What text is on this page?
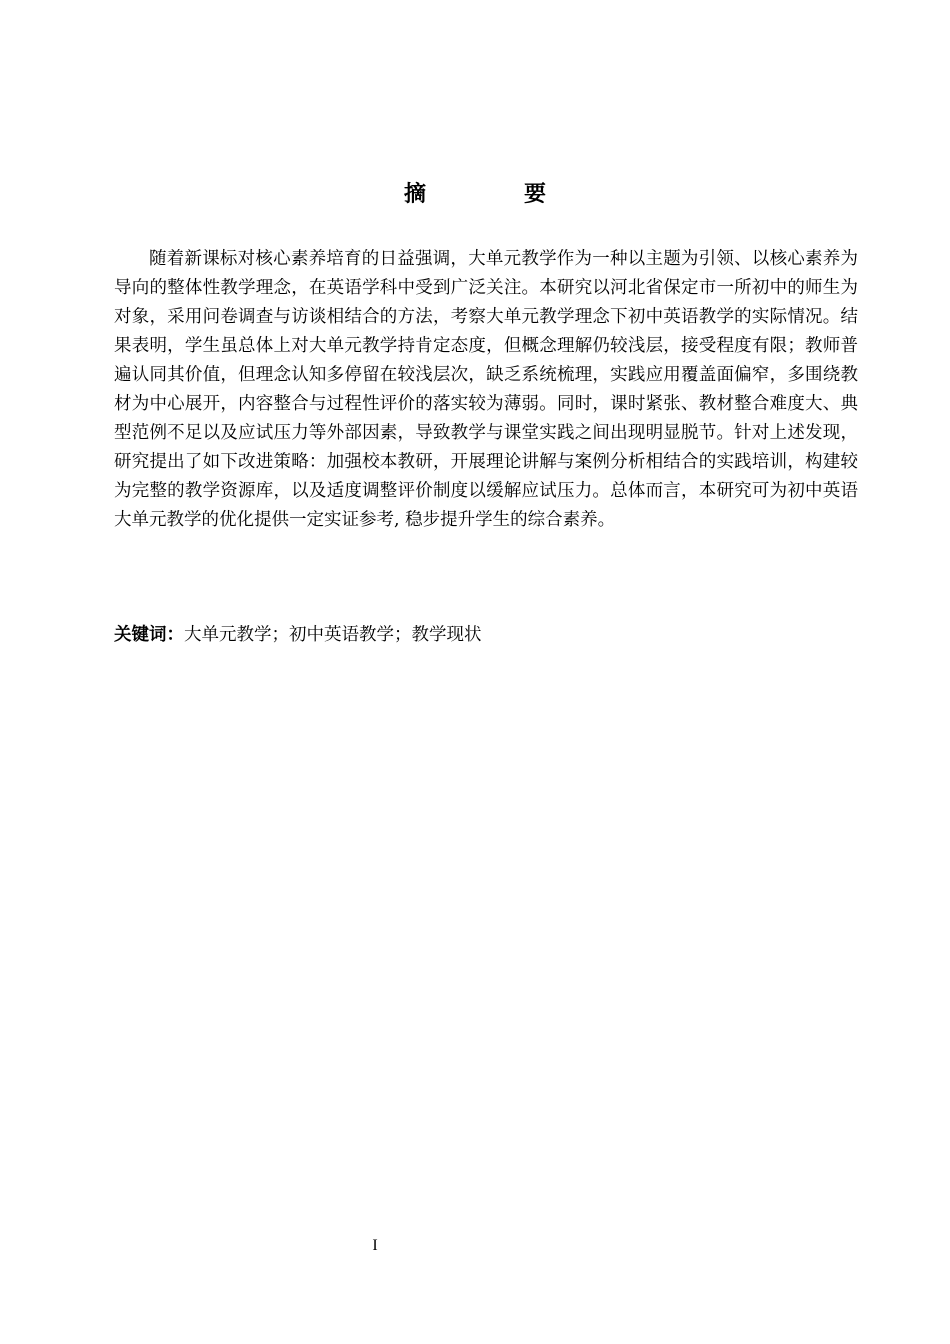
摘　要

随着新课标对核心素养培育的日益强调，大单元教学作为一种以主题为引领、以核心素养为导向的整体性教学理念，在英语学科中受到广泛关注。本研究以河北省保定市一所初中的师生为对象，采用问卷调查与访谈相结合的方法，考察大单元教学理念下初中英语教学的实际情况。结果表明，学生虽总体上对大单元教学持肯定态度，但概念理解仍较浅层，接受程度有限；教师普遍认同其价值，但理念认知多停留在较浅层次，缺乏系统梳理，实践应用覆盖面偏窄，多围绕教材为中心展开，内容整合与过程性评价的落实较为薄弱。同时，课时紧张、教材整合难度大、典型范例不足以及应试压力等外部因素，导致教学与课堂实践之间出现明显脱节。针对上述发现，研究提出了如下改进策略：加强校本教研，开展理论讲解与案例分析相结合的实践培训，构建较为完整的教学资源库，以及适度调整评价制度以缓解应试压力。总体而言，本研究可为初中英语大单元教学的优化提供一定实证参考, 稳步提升学生的综合素养。

关键词：大单元教学；初中英语教学；教学现状

I
